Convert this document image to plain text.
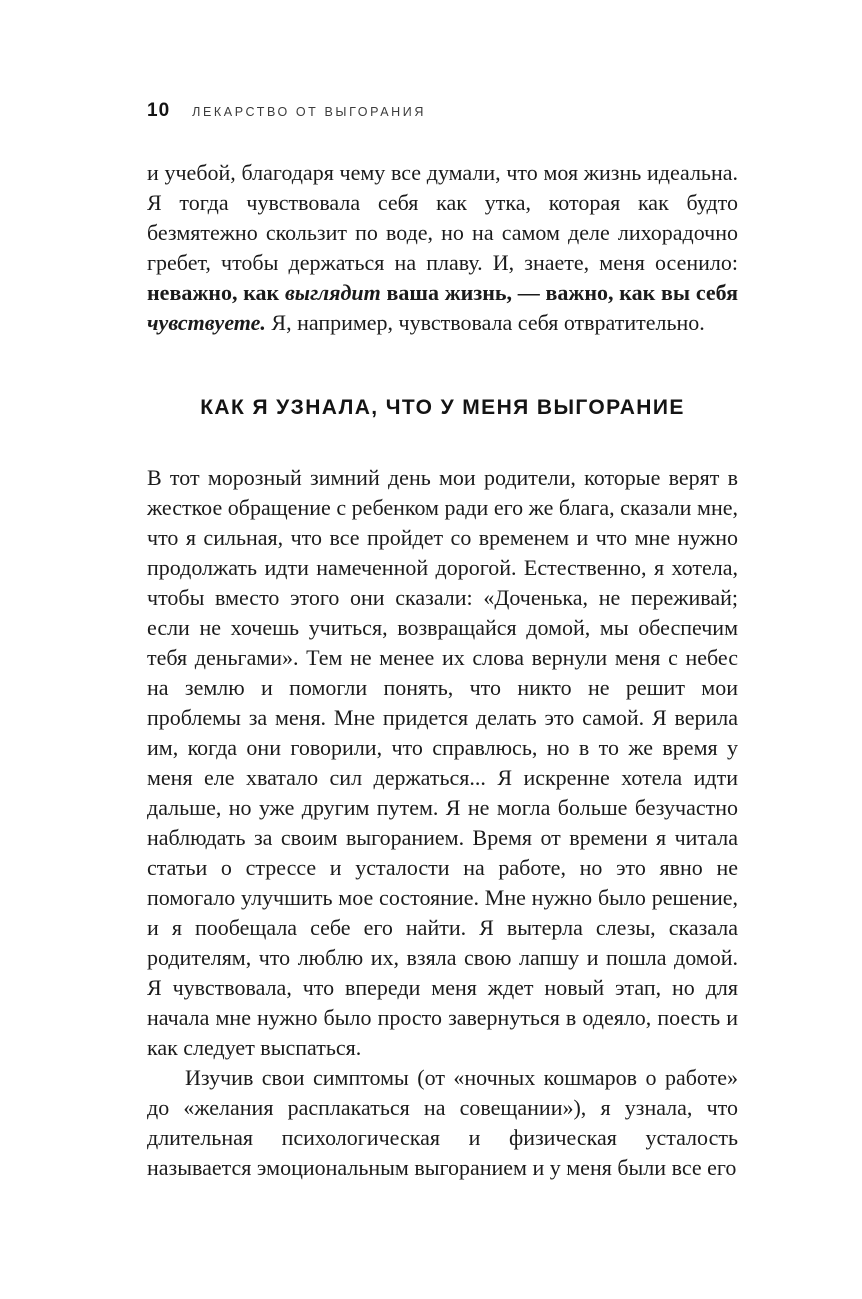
10 ЛЕКАРСТВО ОТ ВЫГОРАНИЯ

и учебой, благодаря чему все думали, что моя жизнь идеальна. Я тогда чувствовала себя как утка, которая как будто безмятежно скользит по воде, но на самом деле лихорадочно гребет, чтобы держаться на плаву. И, знаете, меня осенило: неважно, как выглядит ваша жизнь, — важно, как вы себя чувствуете. Я, например, чувствовала себя отвратительно.

КАК Я УЗНАЛА, ЧТО У МЕНЯ ВЫГОРАНИЕ

В тот морозный зимний день мои родители, которые верят в жесткое обращение с ребенком ради его же блага, сказали мне, что я сильная, что все пройдет со временем и что мне нужно продолжать идти намеченной дорогой. Естественно, я хотела, чтобы вместо этого они сказали: «Доченька, не переживай; если не хочешь учиться, возвращайся домой, мы обеспечим тебя деньгами». Тем не менее их слова вернули меня с небес на землю и помогли понять, что никто не решит мои проблемы за меня. Мне придется делать это самой. Я верила им, когда они говорили, что справлюсь, но в то же время у меня еле хватало сил держаться... Я искренне хотела идти дальше, но уже другим путем. Я не могла больше безучастно наблюдать за своим выгоранием. Время от времени я читала статьи о стрессе и усталости на работе, но это явно не помогало улучшить мое состояние. Мне нужно было решение, и я пообещала себе его найти. Я вытерла слезы, сказала родителям, что люблю их, взяла свою лапшу и пошла домой. Я чувствовала, что впереди меня ждет новый этап, но для начала мне нужно было просто завернуться в одеяло, поесть и как следует выспаться.

Изучив свои симптомы (от «ночных кошмаров о работе» до «желания расплакаться на совещании»), я узнала, что длительная психологическая и физическая усталость называется эмоциональным выгоранием и у меня были все его
